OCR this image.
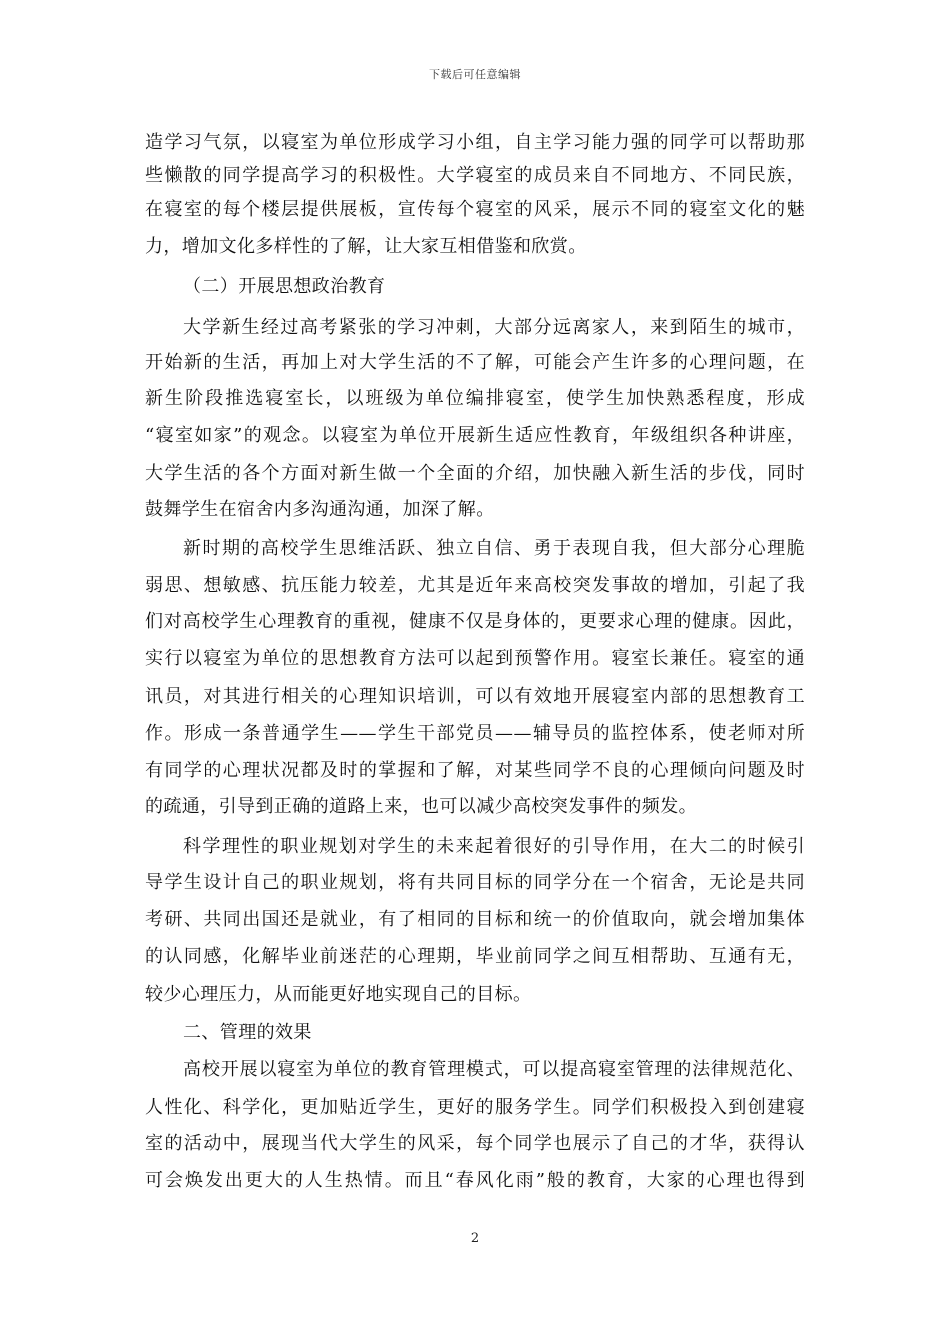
下载后可任意编辑
造学习气氛，以寝室为单位形成学习小组，自主学习能力强的同学可以帮助那
些懒散的同学提高学习的积极性。大学寝室的成员来自不同地方、不同民族，
在寝室的每个楼层提供展板，宣传每个寝室的风采，展示不同的寝室文化的魅
力，增加文化多样性的了解，让大家互相借鉴和欣赏。
（二）开展思想政治教育
大学新生经过高考紧张的学习冲刺，大部分远离家人，来到陌生的城市，
开始新的生活，再加上对大学生活的不了解，可能会产生许多的心理问题，在
新生阶段推选寝室长，以班级为单位编排寝室，使学生加快熟悉程度，形成
“寝室如家”的观念。以寝室为单位开展新生适应性教育，年级组织各种讲座，
大学生活的各个方面对新生做一个全面的介绍，加快融入新生活的步伐，同时
鼓舞学生在宿舍内多沟通沟通，加深了解。
新时期的高校学生思维活跃、独立自信、勇于表现自我，但大部分心理脆
弱思、想敏感、抗压能力较差，尤其是近年来高校突发事故的增加，引起了我
们对高校学生心理教育的重视，健康不仅是身体的，更要求心理的健康。因此，
实行以寝室为单位的思想教育方法可以起到预警作用。寝室长兼任。寝室的通
讯员，对其进行相关的心理知识培训，可以有效地开展寝室内部的思想教育工
作。形成一条普通学生——学生干部党员——辅导员的监控体系，使老师对所
有同学的心理状况都及时的掌握和了解，对某些同学不良的心理倾向问题及时
的疏通，引导到正确的道路上来，也可以减少高校突发事件的频发。
科学理性的职业规划对学生的未来起着很好的引导作用，在大二的时候引
导学生设计自己的职业规划，将有共同目标的同学分在一个宿舍，无论是共同
考研、共同出国还是就业，有了相同的目标和统一的价值取向，就会增加集体
的认同感，化解毕业前迷茫的心理期，毕业前同学之间互相帮助、互通有无，
较少心理压力，从而能更好地实现自己的目标。
二、管理的效果
高校开展以寝室为单位的教育管理模式，可以提高寝室管理的法律规范化、
人性化、科学化，更加贴近学生，更好的服务学生。同学们积极投入到创建寝
室的活动中，展现当代大学生的风采，每个同学也展示了自己的才华，获得认
可会焕发出更大的人生热情。而且“春风化雨”般的教育，大家的心理也得到
2
